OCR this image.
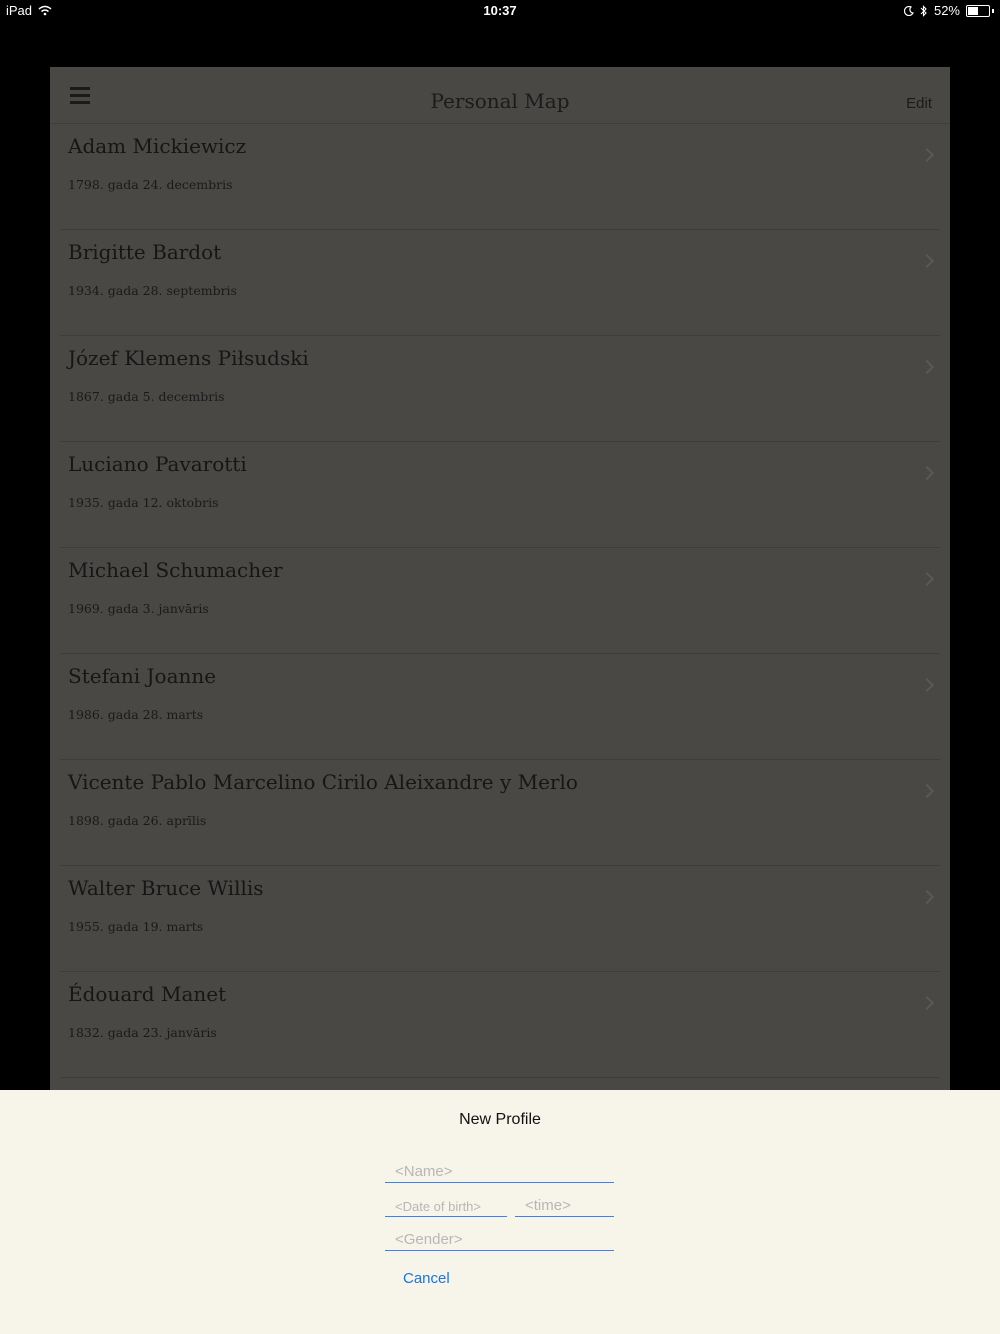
iPad	10:37	52%
Personal Map	Edit
Adam Mickiewicz
1798. gada 24. decembris
Brigitte Bardot
1934. gada 28. septembris
Józef Klemens Piłsudski
1867. gada 5. decembris
Luciano Pavarotti
1935. gada 12. oktobris
Michael Schumacher
1969. gada 3. janvāris
Stefani Joanne
1986. gada 28. marts
Vicente Pablo Marcelino Cirilo Aleixandre y Merlo
1898. gada 26. aprīlis
Walter Bruce Willis
1955. gada 19. marts
Édouard Manet
1832. gada 23. janvāris
New Profile
<Name>
<Date of birth>	<time>
<Gender>
Cancel
